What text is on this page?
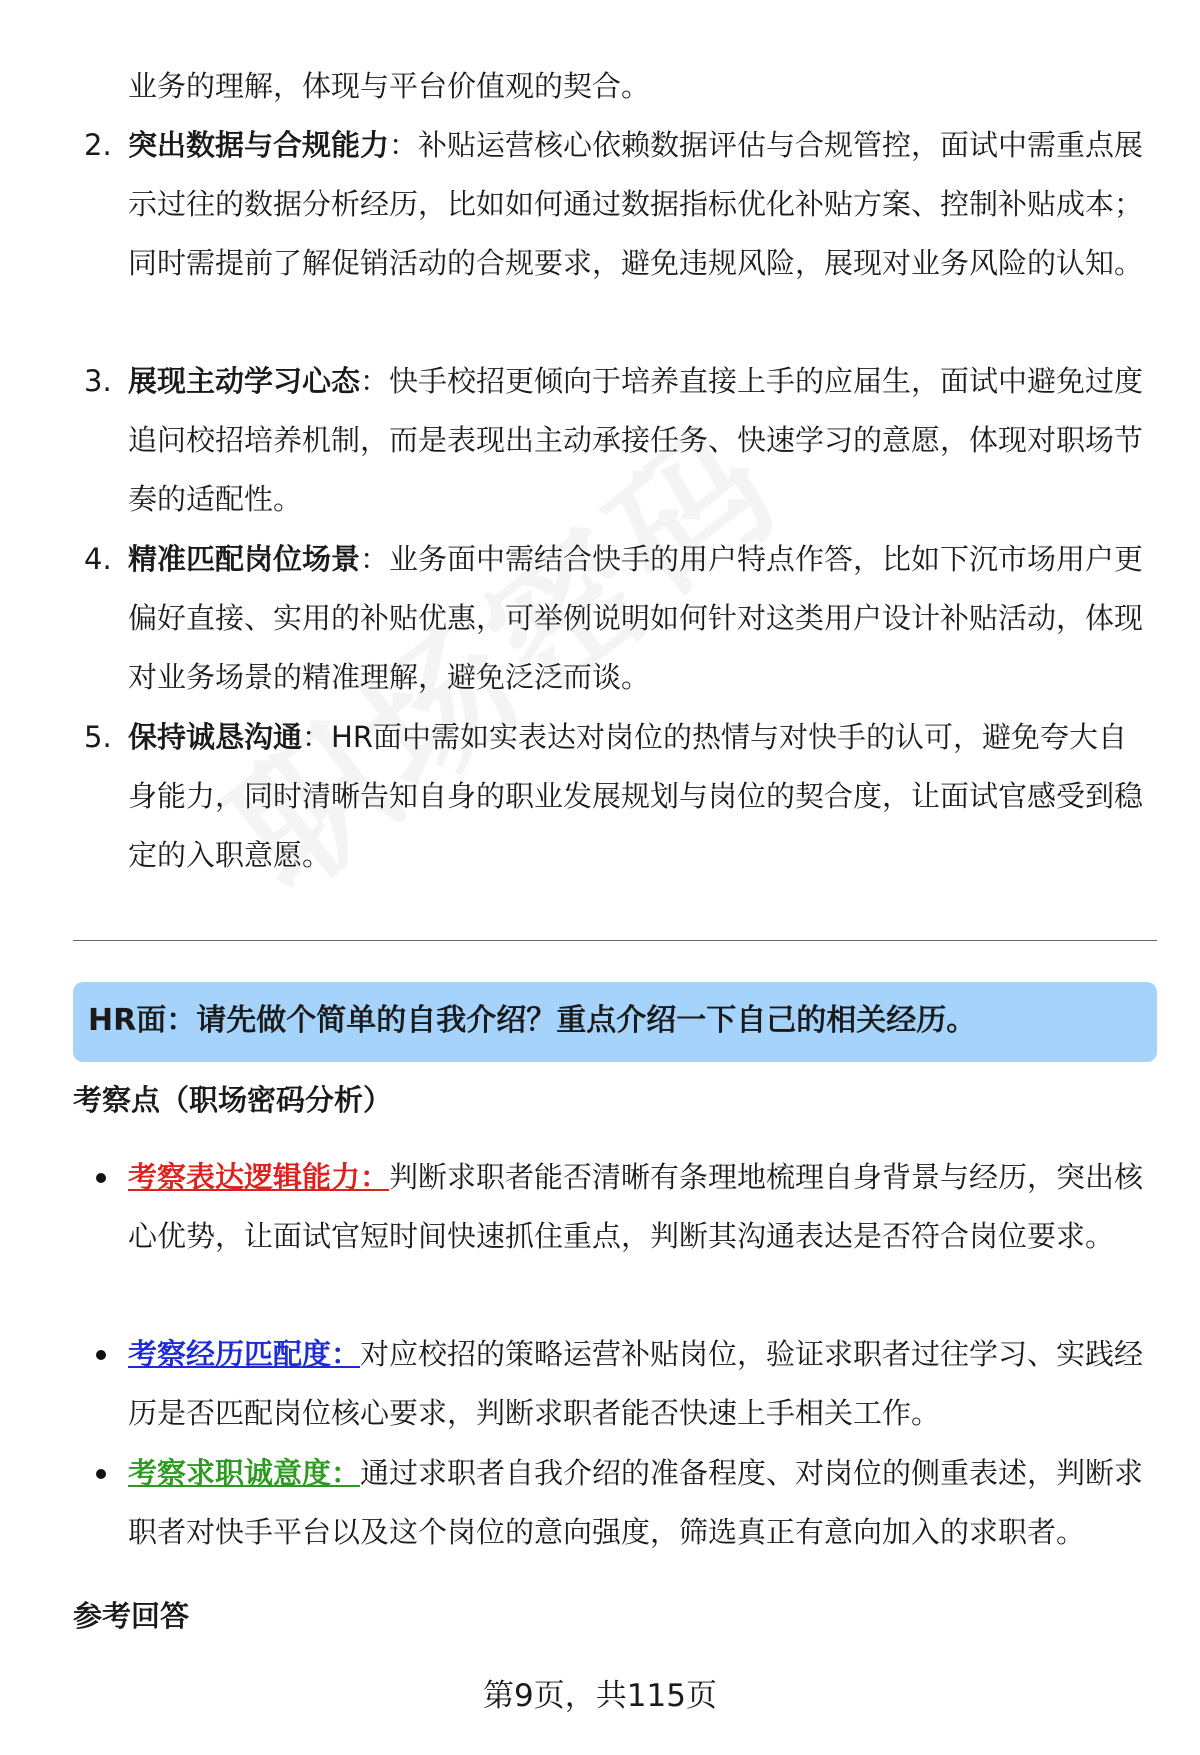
业务的理解，体现与平台价值观的契合。
2. 突出数据与合规能力：补贴运营核心依赖数据评估与合规管控，面试中需重点展示过往的数据分析经历，比如如何通过数据指标优化补贴方案、控制补贴成本；同时需提前了解促销活动的合规要求，避免违规风险，展现对业务风险的认知。
3. 展现主动学习心态：快手校招更倾向于培养直接上手的应届生，面试中避免过度追问校招培养机制，而是表现出主动承接任务、快速学习的意愿，体现对职场节奏的适配性。
4. 精准匹配岗位场景：业务面中需结合快手的用户特点作答，比如下沉市场用户更偏好直接、实用的补贴优惠，可举例说明如何针对这类用户设计补贴活动，体现对业务场景的精准理解，避免泛泛而谈。
5. 保持诚恳沟通：HR面中需如实表达对岗位的热情与对快手的认可，避免夸大自身能力，同时清晰告知自身的职业发展规划与岗位的契合度，让面试官感受到稳定的入职意愿。
HR面：请先做个简单的自我介绍？重点介绍一下自己的相关经历。
考察点（职场密码分析）
考察表达逻辑能力：判断求职者能否清晰有条理地梳理自身背景与经历，突出核心优势，让面试官短时间快速抓住重点，判断其沟通表达是否符合岗位要求。
考察经历匹配度：对应校招的策略运营补贴岗位，验证求职者过往学习、实践经历是否匹配岗位核心要求，判断求职者能否快速上手相关工作。
考察求职诚意度：通过求职者自我介绍的准备程度、对岗位的侧重表述，判断求职者对快手平台以及这个岗位的意向强度，筛选真正有意向加入的求职者。
参考回答
第9页，共115页
